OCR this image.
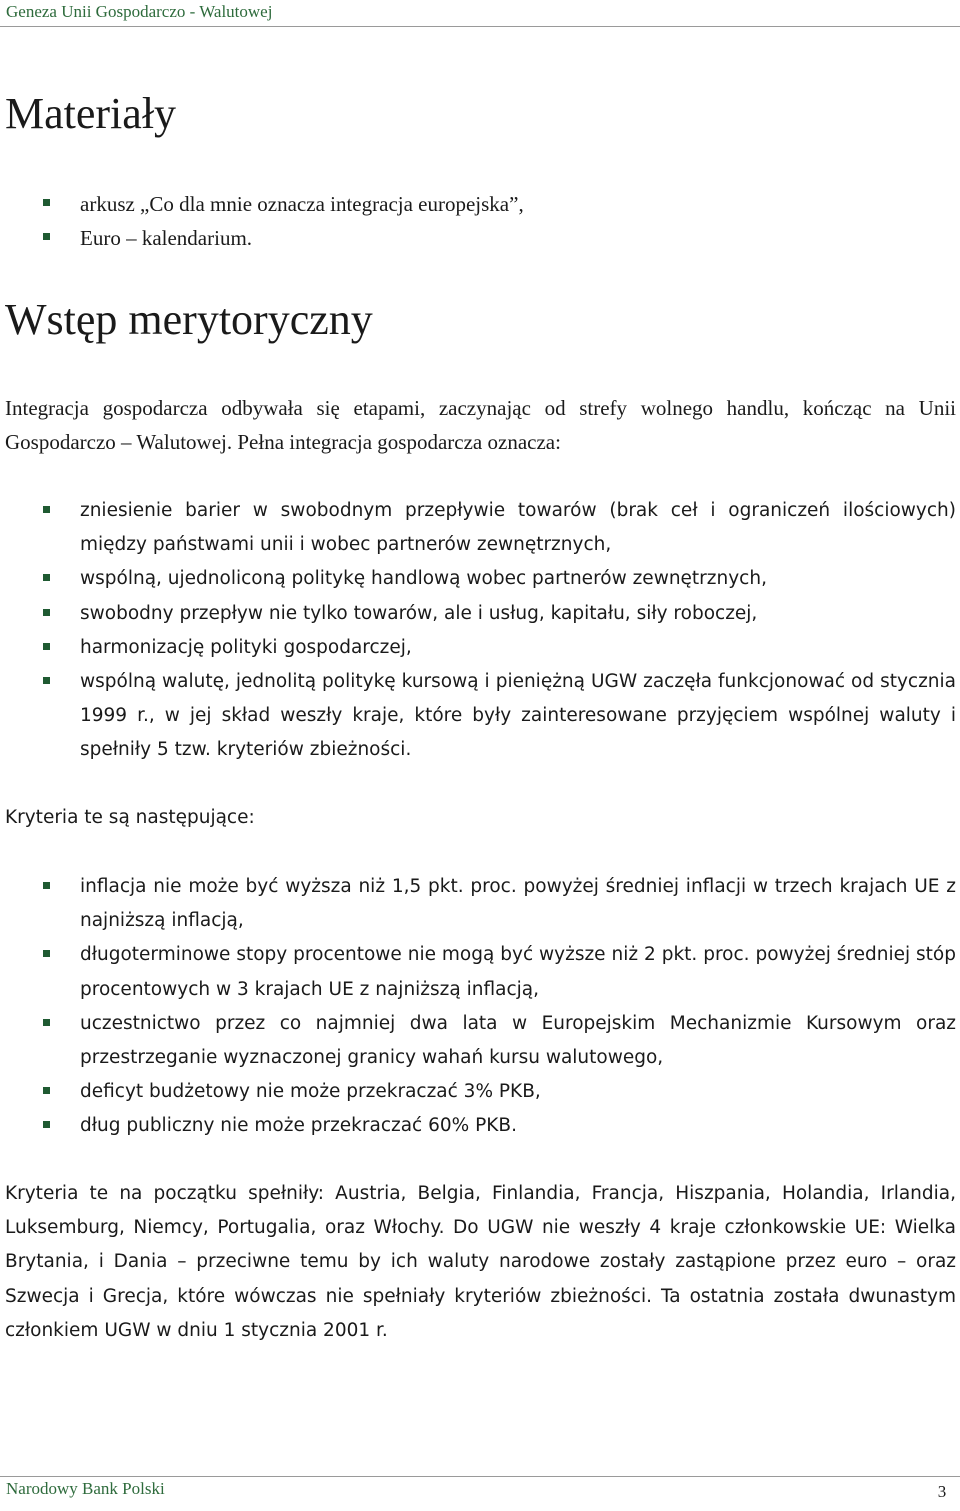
Geneza Unii Gospodarczo - Walutowej
Materiały
arkusz „Co dla mnie oznacza integracja europejska”,
Euro – kalendarium.
Wstęp merytoryczny

Integracja gospodarcza odbywała się etapami, zaczynając od strefy wolnego handlu, kończąc na Unii Gospodarczo – Walutowej. Pełna integracja gospodarcza oznacza:

zniesienie barier w swobodnym przepływie towarów (brak ceł i ograniczeń ilościowych) między państwami unii i wobec partnerów zewnętrznych,
wspólną, ujednoliconą politykę handlową wobec partnerów zewnętrznych,
swobodny przepływ nie tylko towarów, ale i usług, kapitału, siły roboczej,
harmonizację polityki gospodarczej,
wspólną walutę, jednolitą politykę kursową i pieniężną UGW zaczęła funkcjonować od stycznia 1999 r., w jej skład weszły kraje, które były zainteresowane przyjęciem wspólnej waluty i spełniły 5 tzw. kryteriów zbieżności.

Kryteria te są następujące:

inflacja nie może być wyższa niż 1,5 pkt. proc. powyżej średniej inflacji w trzech krajach UE z najniższą inflacją,
długoterminowe stopy procentowe nie mogą być wyższe niż 2 pkt. proc. powyżej średniej stóp procentowych w 3 krajach UE z najniższą inflacją,
uczestnictwo przez co najmniej dwa lata w Europejskim Mechanizmie Kursowym oraz przestrzeganie wyznaczonej granicy wahań kursu walutowego,
deficyt budżetowy nie może przekraczać 3% PKB,
dług publiczny nie może przekraczać 60% PKB.

Kryteria te na początku spełniły: Austria, Belgia, Finlandia, Francja, Hiszpania, Holandia, Irlandia, Luksemburg, Niemcy, Portugalia, oraz Włochy. Do UGW nie weszły 4 kraje członkowskie UE: Wielka Brytania, i Dania – przeciwne temu by ich waluty narodowe zostały zastąpione przez euro – oraz Szwecja i Grecja, które wówczas nie spełniały kryteriów zbieżności. Ta ostatnia została dwunastym członkiem UGW w dniu 1 stycznia 2001 r.

Narodowy Bank Polski	3
